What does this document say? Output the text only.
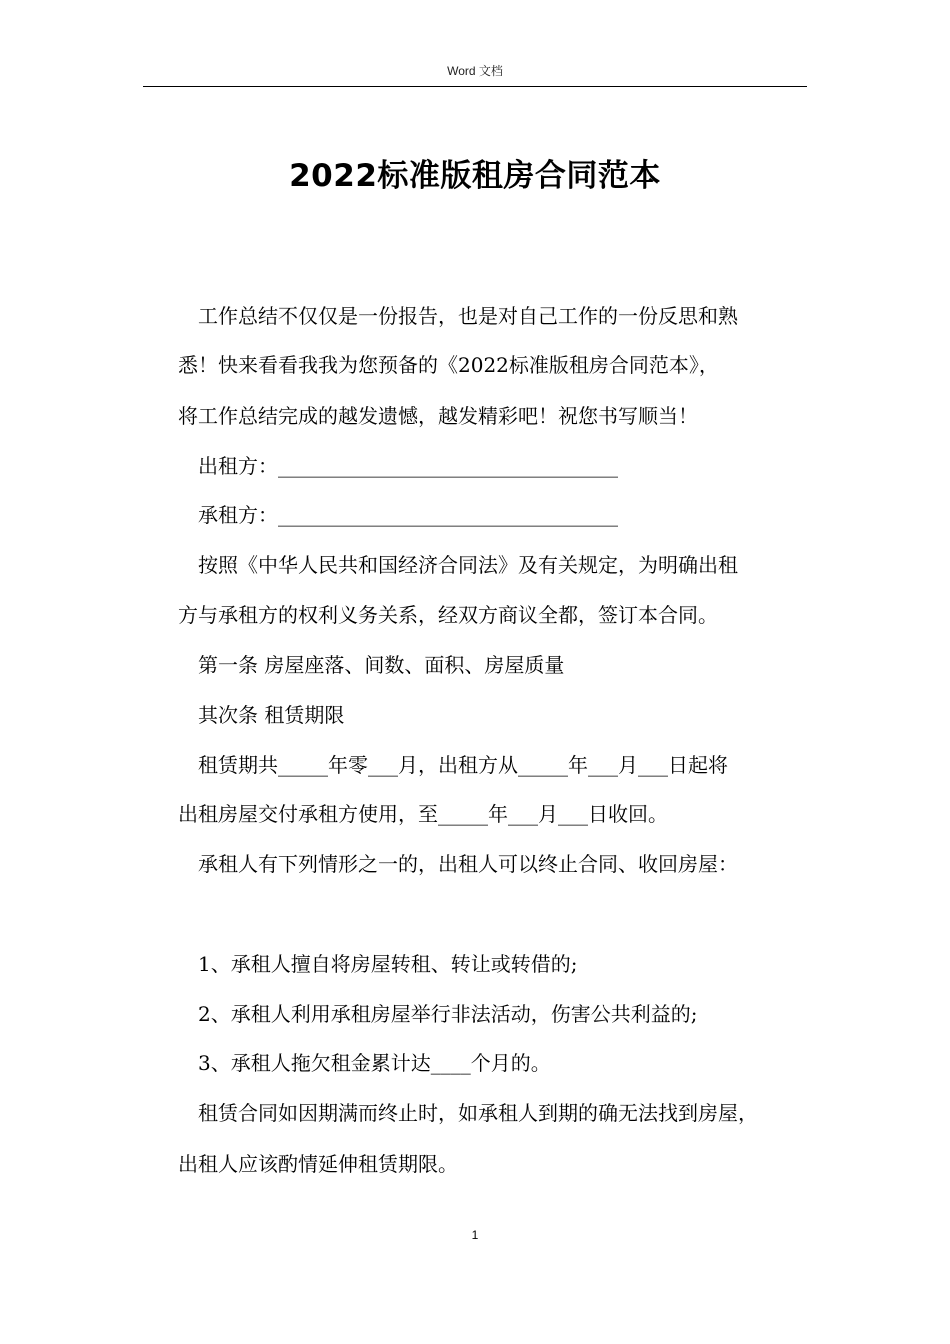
Word 文档
2022标准版租房合同范本
工作总结不仅仅是一份报告，也是对自己工作的一份反思和熟
悉！快来看看我我为您预备的《2022标准版租房合同范本》，
将工作总结完成的越发遗憾，越发精彩吧！祝您书写顺当！
出租方：__________________________________
承租方：__________________________________
按照《中华人民共和国经济合同法》及有关规定，为明确出租
方与承租方的权利义务关系，经双方商议全都，签订本合同。
第一条 房屋座落、间数、面积、房屋质量
其次条 租赁期限
租赁期共_____年零___月，出租方从_____年___月___日起将
出租房屋交付承租方使用，至_____年___月___日收回。
承租人有下列情形之一的，出租人可以终止合同、收回房屋：
1、承租人擅自将房屋转租、转让或转借的;
2、承租人利用承租房屋举行非法活动，伤害公共利益的;
3、承租人拖欠租金累计达____个月的。
租赁合同如因期满而终止时，如承租人到期的确无法找到房屋，
出租人应该酌情延伸租赁期限。
1
